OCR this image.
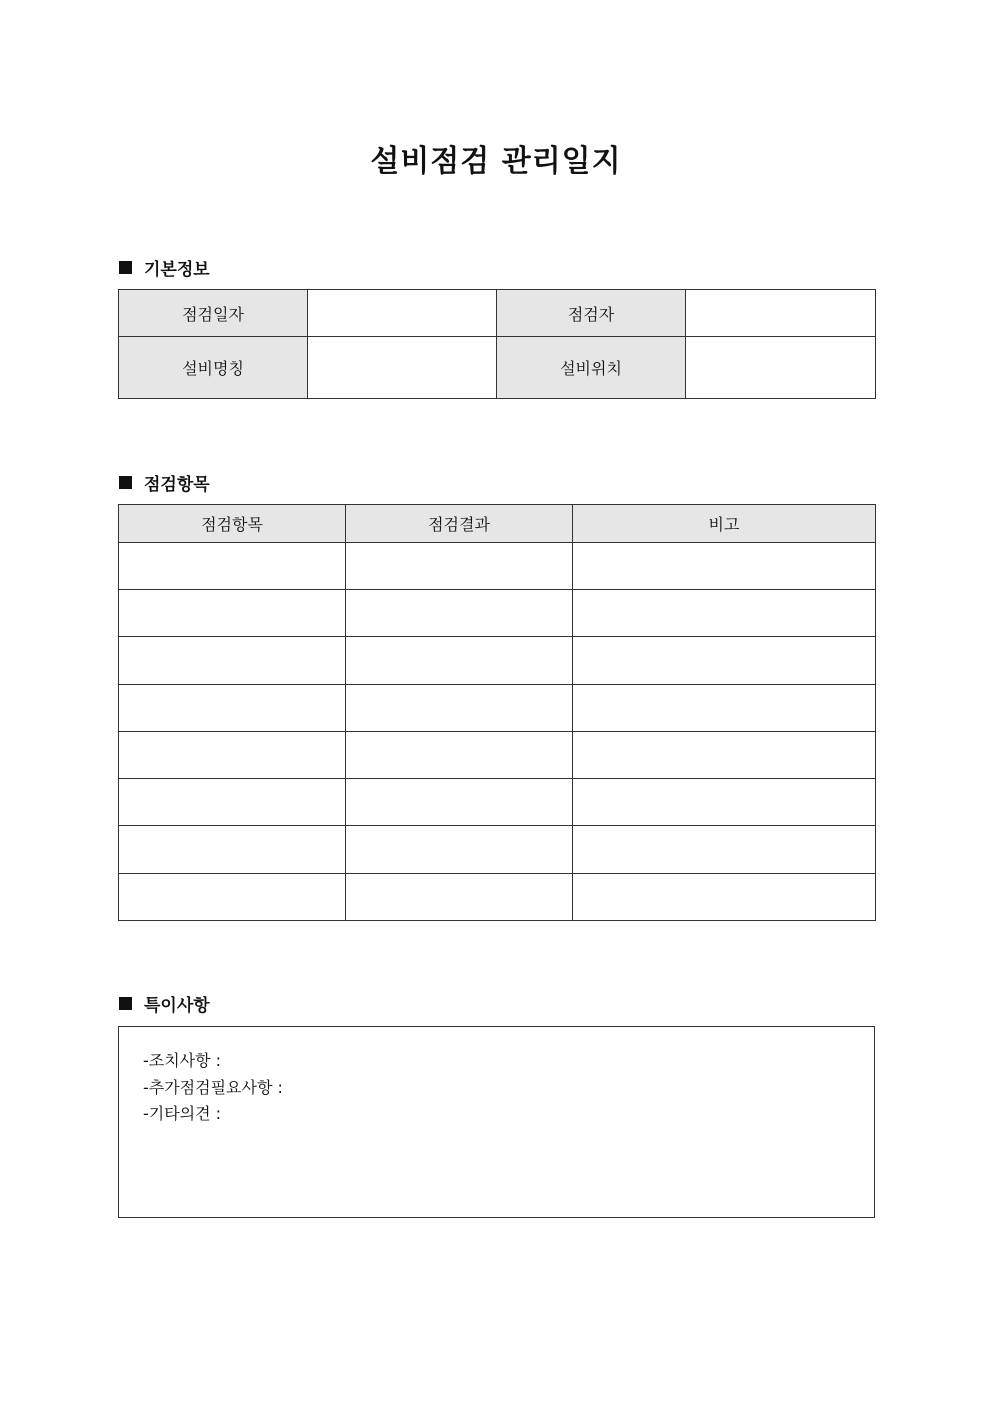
설비점검 관리일지
기본정보
점검일자		점검자	
설비명칭		설비위치	
점검항목
점검항목	점검결과	비고

특이사항
-조치사항 :
-추가점검필요사항 :
-기타의견 :
